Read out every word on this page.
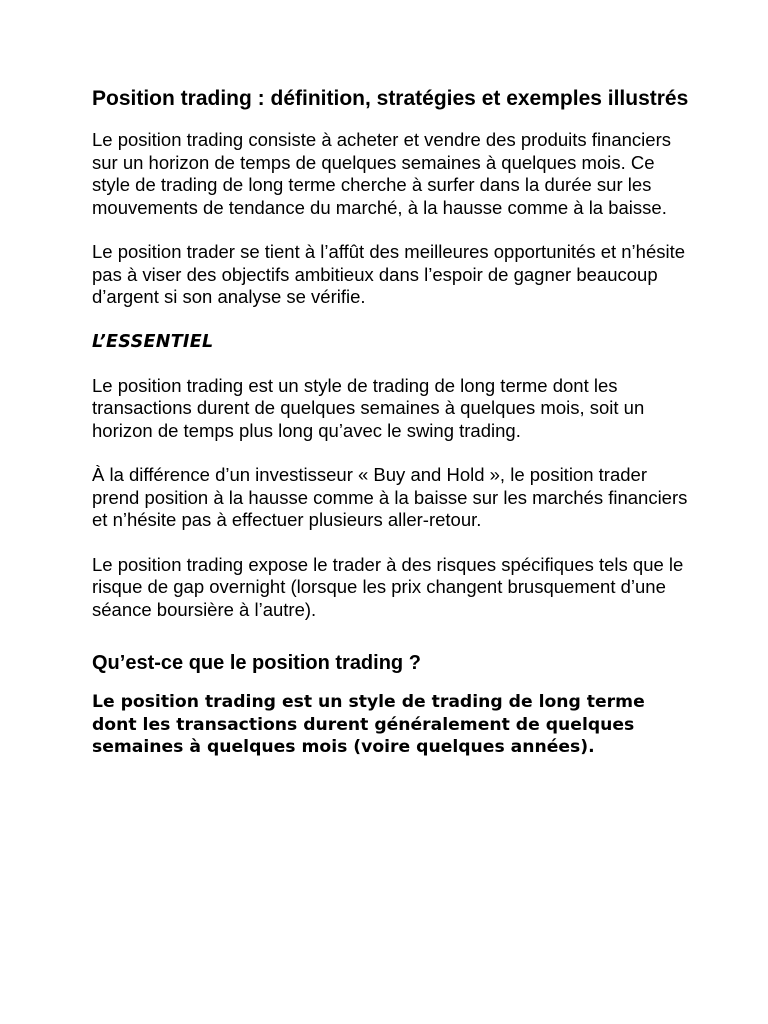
Position trading : définition, stratégies et exemples illustrés

Le position trading consiste à acheter et vendre des produits financiers sur un horizon de temps de quelques semaines à quelques mois. Ce style de trading de long terme cherche à surfer dans la durée sur les mouvements de tendance du marché, à la hausse comme à la baisse.

Le position trader se tient à l’affût des meilleures opportunités et n’hésite pas à viser des objectifs ambitieux dans l’espoir de gagner beaucoup d’argent si son analyse se vérifie.

L’ESSENTIEL

Le position trading est un style de trading de long terme dont les transactions durent de quelques semaines à quelques mois, soit un horizon de temps plus long qu’avec le swing trading.

À la différence d’un investisseur « Buy and Hold », le position trader prend position à la hausse comme à la baisse sur les marchés financiers et n’hésite pas à effectuer plusieurs aller-retour.

Le position trading expose le trader à des risques spécifiques tels que le risque de gap overnight (lorsque les prix changent brusquement d’une séance boursière à l’autre).

Qu’est-ce que le position trading ?

Le position trading est un style de trading de long terme dont les transactions durent généralement de quelques semaines à quelques mois (voire quelques années).
